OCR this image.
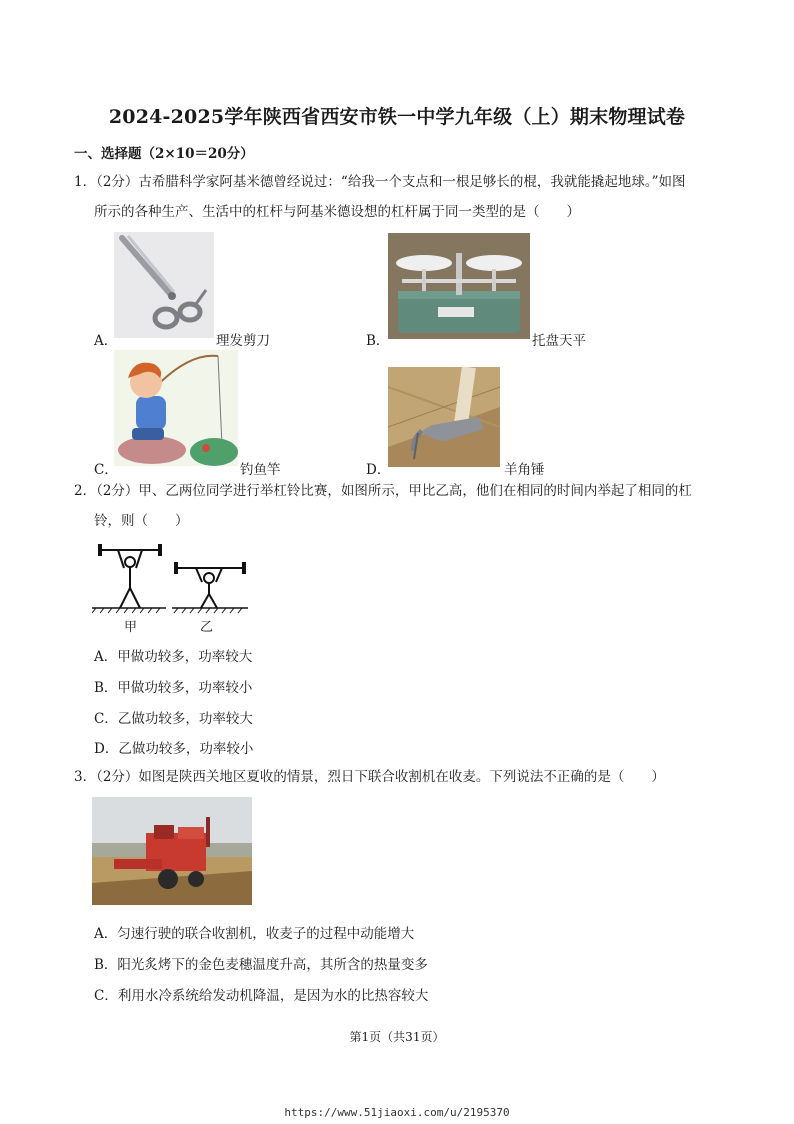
2024-2025学年陕西省西安市铁一中学九年级（上）期末物理试卷
一、选择题（2×10＝20分）
1．（2分）古希腊科学家阿基米德曾经说过：“给我一个支点和一根足够长的棍，我就能撬起地球。”如图
所示的各种生产、生活中的杠杆与阿基米德设想的杠杆属于同一类型的是（　　）
A．	理发剪刀	B．	托盘天平
C．	钓鱼竿	D．	羊角锤
2．（2分）甲、乙两位同学进行举杠铃比赛，如图所示，甲比乙高，他们在相同的时间内举起了相同的杠
铃，则（　　）
甲	乙
A．甲做功较多，功率较大
B．甲做功较多，功率较小
C．乙做功较多，功率较大
D．乙做功较多，功率较小
3．（2分）如图是陕西关地区夏收的情景，烈日下联合收割机在收麦。下列说法不正确的是（　　）
A．匀速行驶的联合收割机，收麦子的过程中动能增大
B．阳光炙烤下的金色麦穗温度升高，其所含的热量变多
C．利用水冷系统给发动机降温，是因为水的比热容较大
第1页（共31页）
https://www.51jiaoxi.com/u/2195370
